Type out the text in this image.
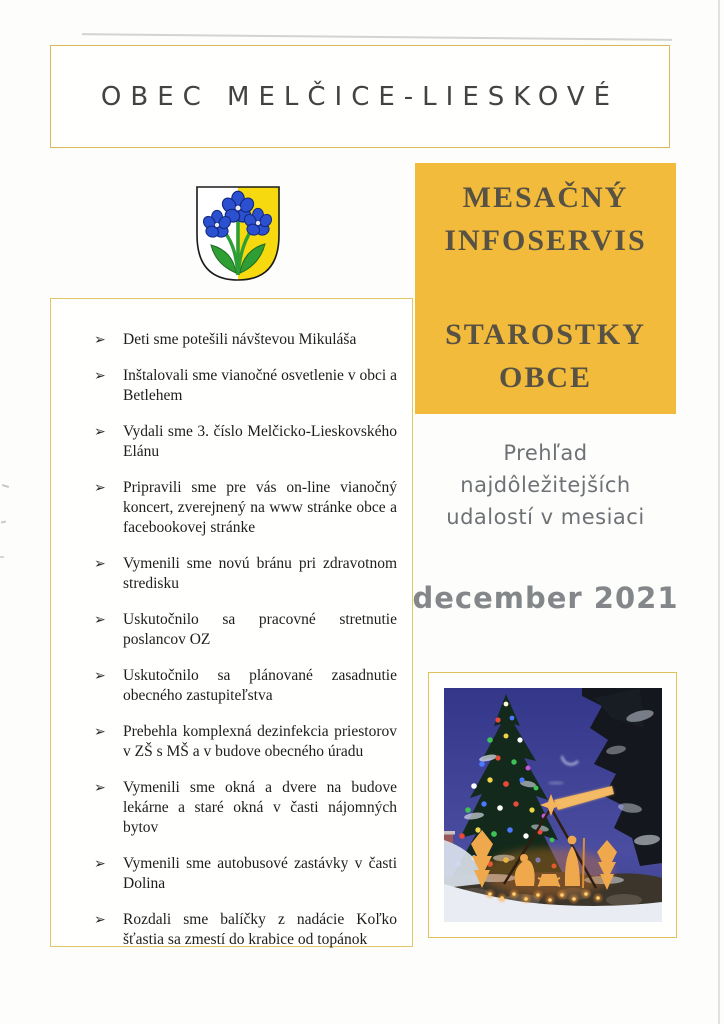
OBEC MELČICE-LIESKOVÉ
MESAČNÝ
INFOSERVIS
STAROSTKY
OBCE
➢ Deti sme potešili návštevou Mikuláša
➢ Inštalovali sme vianočné osvetlenie v obci a Betlehem
➢ Vydali sme 3. číslo Melčicko-Lieskovského Elánu
➢ Pripravili sme pre vás on-line vianočný koncert, zverejnený na www stránke obce a facebookovej stránke
➢ Vymenili sme novú bránu pri zdravotnom stredisku
➢ Uskutočnilo sa pracovné stretnutie poslancov OZ
➢ Uskutočnilo sa plánované zasadnutie obecného zastupiteľstva
➢ Prebehla komplexná dezinfekcia priestorov v ZŠ s MŠ a v budove obecného úradu
➢ Vymenili sme okná a dvere na budove lekárne a staré okná v časti nájomných bytov
➢ Vymenili sme autobusové zastávky v časti Dolina
➢ Rozdali sme balíčky z nadácie Koľko šťastia sa zmestí do krabice od topánok
Prehľad
najdôležitejších
udalostí v mesiaci
december 2021
